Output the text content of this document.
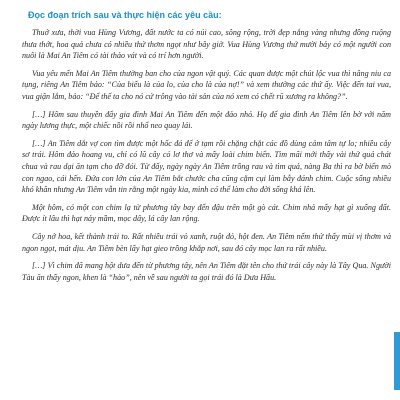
Đọc đoạn trích sau và thực hiện các yêu cầu:

Thuở xưa, thời vua Hùng Vương, đất nước ta có núi cao, sông rộng, trời đẹp nắng vàng nhưng đồng ruộng thưa thớt, hoa quả chưa có nhiều thứ thơm ngọt như bây giờ. Vua Hùng Vương thứ mười bảy có một người con nuôi là Mai An Tiêm có tài thảo vát và có trí hơn người.

Vua yêu mến Mai An Tiêm thường ban cho của ngon vật quý. Các quan được một chút lộc vua thì nâng niu ca tụng, riêng An Tiêm bảo: “Của biếu là của lo, của cho là của nợ!” và xem thường các thứ ấy. Việc đến tai vua, vua giận lắm, bảo: “Để thế ta cho nó cứ trông vào tài sản của nó xem có chết rũ xương ra không?”.

[…] Hôm sau thuyền đẩy gia đình Mai An Tiêm đến một đảo nhỏ. Họ để gia đình An Tiêm lên bờ với năm ngày lương thực, một chiếc nồi rồi nhổ neo quay lái.

[…] An Tiêm dắt vợ con tìm được một hốc đá để ở tạm rồi chặng chặt các đồ dùng cảm tâm tự lo; nhiều cây sơ trái. Hôm đảo hoang vu, chỉ có lũ cây cỏ lơ thơ và mấy loài chim biển. Tìm mãi mới thấy vài thứ quả chát chua và rau dại ăn tạm cho đỡ đói. Từ đấy, ngày ngày An Tiêm trồng rau và tìm quả, nàng Ba thì ra bờ biển mò con ngao, cái hến. Đứa con lớn của An Tiêm bắt chước cha cũng cặm cụi làm bẫy đánh chim. Cuộc sống nhiều khó khăn nhưng An Tiêm vẫn tin rằng một ngày kia, mình có thể làm cho đời sống khá lên.

Một hôm, có một con chim lạ từ phương tây bay đến đậu trên một gò cát. Chim nhả mấy hạt gì xuống đất. Được ít lâu thì hạt nảy mầm, mọc dây, lá cây lan rộng.

Cây nở hoa, kết thành trái to. Rất nhiều trái vỏ xanh, ruột đỏ, hột đen. An Tiêm nếm thử thấy mùi vị thơm và ngon ngọt, mát dịu. An Tiêm bèn lấy hạt gieo trồng khắp nơi, sau đó cây mọc lan ra rất nhiều.

[…] Vì chim đã mang hột dưa đến từ phương tây, nên An Tiêm đặt tên cho thứ trái cây này là Tây Qua. Người Tàu ăn thấy ngon, khen là “hảo”, nên về sau người ta gọi trái đó là Dưa Hấu.
